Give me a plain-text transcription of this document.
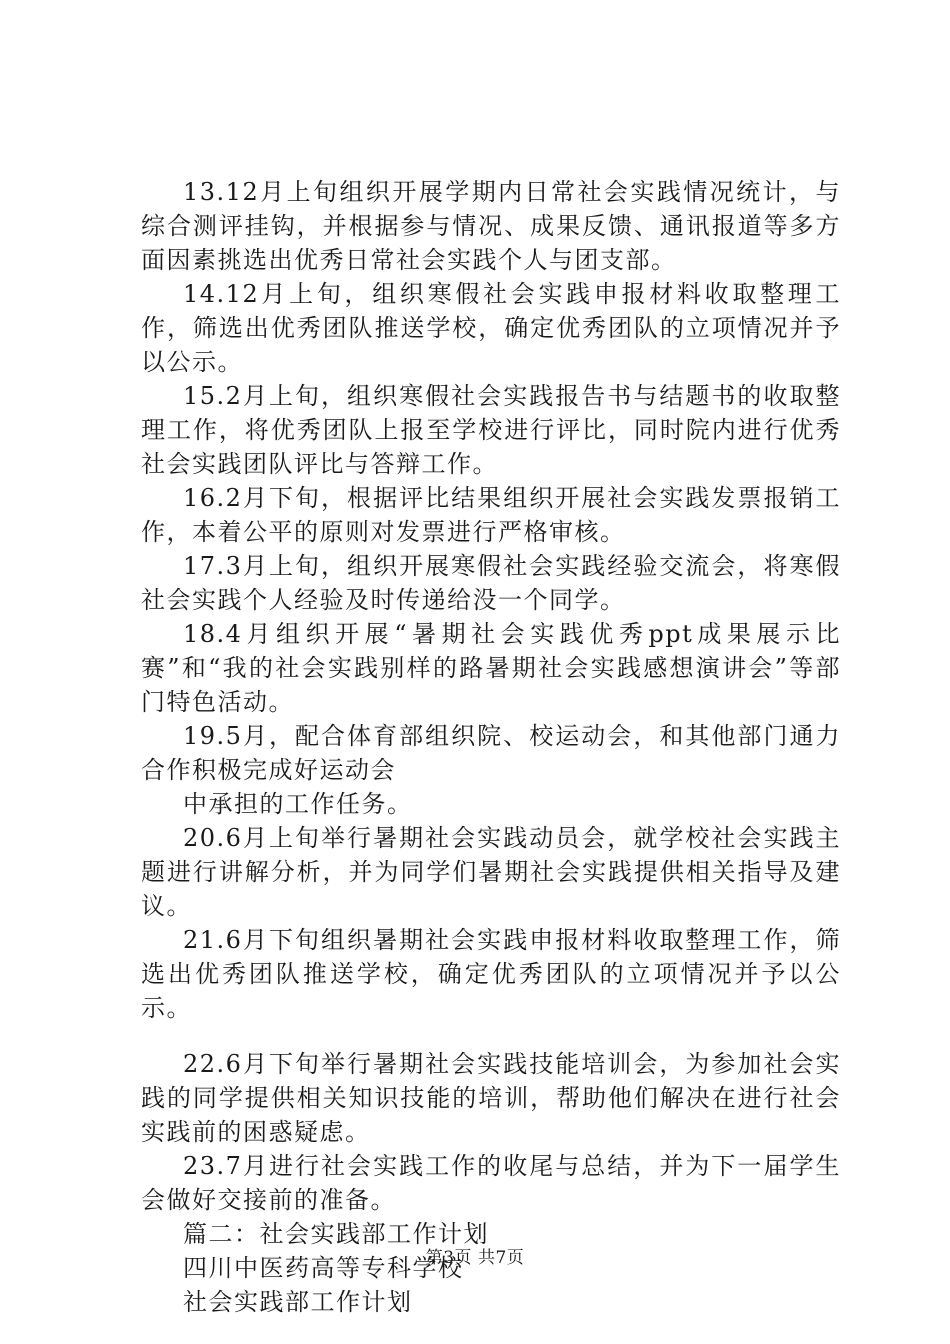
13.12月上旬组织开展学期内日常社会实践情况统计，与综合测评挂钩，并根据参与情况、成果反馈、通讯报道等多方面因素挑选出优秀日常社会实践个人与团支部。

14.12月上旬，组织寒假社会实践申报材料收取整理工作，筛选出优秀团队推送学校，确定优秀团队的立项情况并予以公示。

15.2月上旬，组织寒假社会实践报告书与结题书的收取整理工作，将优秀团队上报至学校进行评比，同时院内进行优秀社会实践团队评比与答辩工作。

16.2月下旬，根据评比结果组织开展社会实践发票报销工作，本着公平的原则对发票进行严格审核。

17.3月上旬，组织开展寒假社会实践经验交流会，将寒假社会实践个人经验及时传递给没一个同学。

18.4月组织开展“暑期社会实践优秀ppt成果展示比赛”和“我的社会实践别样的路暑期社会实践感想演讲会”等部门特色活动。

19.5月，配合体育部组织院、校运动会，和其他部门通力合作积极完成好运动会

中承担的工作任务。

20.6月上旬举行暑期社会实践动员会，就学校社会实践主题进行讲解分析，并为同学们暑期社会实践提供相关指导及建议。

21.6月下旬组织暑期社会实践申报材料收取整理工作，筛选出优秀团队推送学校，确定优秀团队的立项情况并予以公示。

22.6月下旬举行暑期社会实践技能培训会，为参加社会实践的同学提供相关知识技能的培训，帮助他们解决在进行社会实践前的困惑疑虑。

23.7月进行社会实践工作的收尾与总结，并为下一届学生会做好交接前的准备。

篇二：社会实践部工作计划

四川中医药高等专科学校

社会实践部工作计划

第3页 共7页
